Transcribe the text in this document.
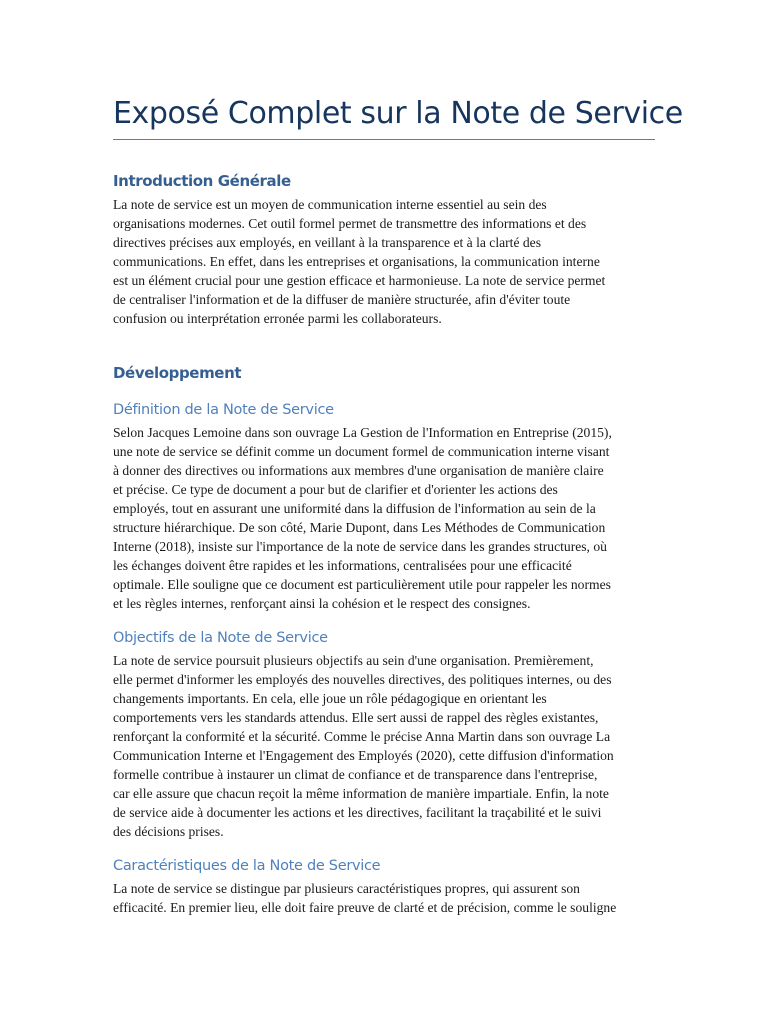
Exposé Complet sur la Note de Service
Introduction Générale

La note de service est un moyen de communication interne essentiel au sein des
organisations modernes. Cet outil formel permet de transmettre des informations et des
directives précises aux employés, en veillant à la transparence et à la clarté des
communications. En effet, dans les entreprises et organisations, la communication interne
est un élément crucial pour une gestion efficace et harmonieuse. La note de service permet
de centraliser l'information et de la diffuser de manière structurée, afin d'éviter toute
confusion ou interprétation erronée parmi les collaborateurs.

Développement
Définition de la Note de Service

Selon Jacques Lemoine dans son ouvrage La Gestion de l'Information en Entreprise (2015),
une note de service se définit comme un document formel de communication interne visant
à donner des directives ou informations aux membres d'une organisation de manière claire
et précise. Ce type de document a pour but de clarifier et d'orienter les actions des
employés, tout en assurant une uniformité dans la diffusion de l'information au sein de la
structure hiérarchique. De son côté, Marie Dupont, dans Les Méthodes de Communication
Interne (2018), insiste sur l'importance de la note de service dans les grandes structures, où
les échanges doivent être rapides et les informations, centralisées pour une efficacité
optimale. Elle souligne que ce document est particulièrement utile pour rappeler les normes
et les règles internes, renforçant ainsi la cohésion et le respect des consignes.

Objectifs de la Note de Service

La note de service poursuit plusieurs objectifs au sein d'une organisation. Premièrement,
elle permet d'informer les employés des nouvelles directives, des politiques internes, ou des
changements importants. En cela, elle joue un rôle pédagogique en orientant les
comportements vers les standards attendus. Elle sert aussi de rappel des règles existantes,
renforçant la conformité et la sécurité. Comme le précise Anna Martin dans son ouvrage La
Communication Interne et l'Engagement des Employés (2020), cette diffusion d'information
formelle contribue à instaurer un climat de confiance et de transparence dans l'entreprise,
car elle assure que chacun reçoit la même information de manière impartiale. Enfin, la note
de service aide à documenter les actions et les directives, facilitant la traçabilité et le suivi
des décisions prises.

Caractéristiques de la Note de Service

La note de service se distingue par plusieurs caractéristiques propres, qui assurent son
efficacité. En premier lieu, elle doit faire preuve de clarté et de précision, comme le souligne
